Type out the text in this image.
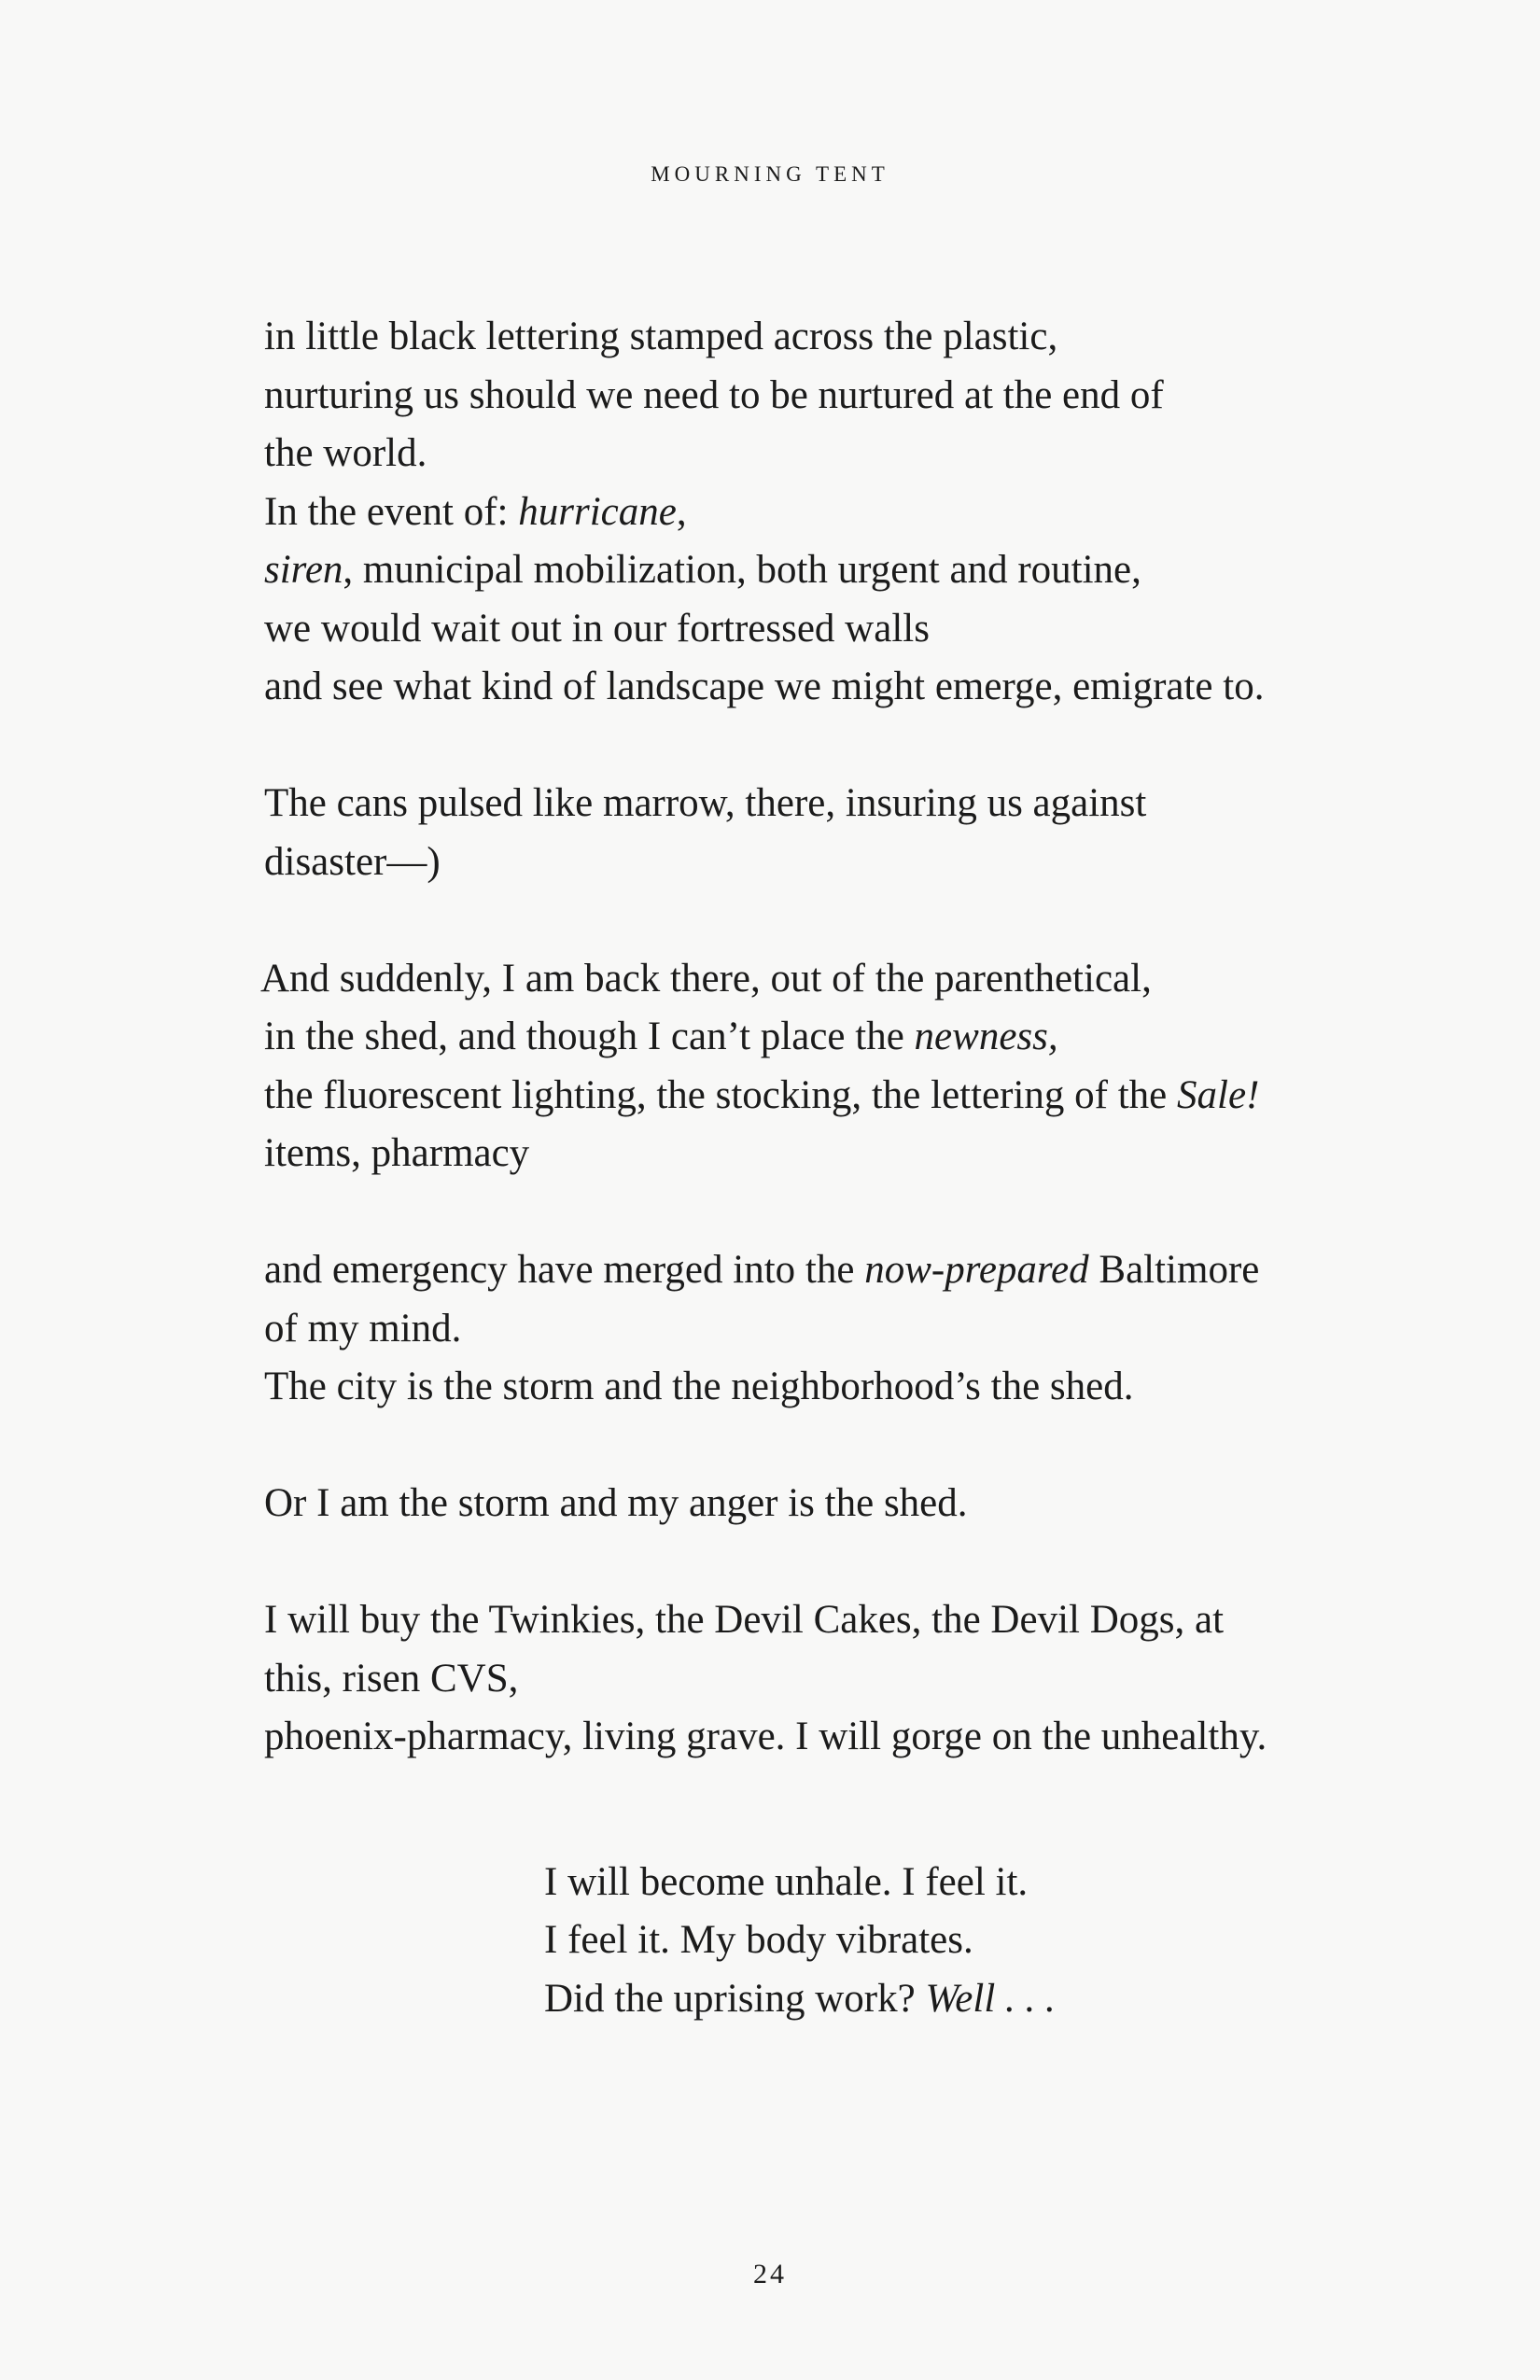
MOURNING TENT
in little black lettering stamped across the plastic,
nurturing us should we need to be nurtured at the end of
the world.
In the event of: hurricane,
siren, municipal mobilization, both urgent and routine,
we would wait out in our fortressed walls
and see what kind of landscape we might emerge, emigrate to.
The cans pulsed like marrow, there, insuring us against
disaster—)
And suddenly, I am back there, out of the parenthetical,
in the shed, and though I can’t place the newness,
the fluorescent lighting, the stocking, the lettering of the Sale!
items, pharmacy
and emergency have merged into the now-prepared Baltimore
of my mind.
The city is the storm and the neighborhood’s the shed.
Or I am the storm and my anger is the shed.
I will buy the Twinkies, the Devil Cakes, the Devil Dogs, at
this, risen CVS,
phoenix-pharmacy, living grave. I will gorge on the unhealthy.
I will become unhale. I feel it.
I feel it. My body vibrates.
Did the uprising work? Well . . .
24
